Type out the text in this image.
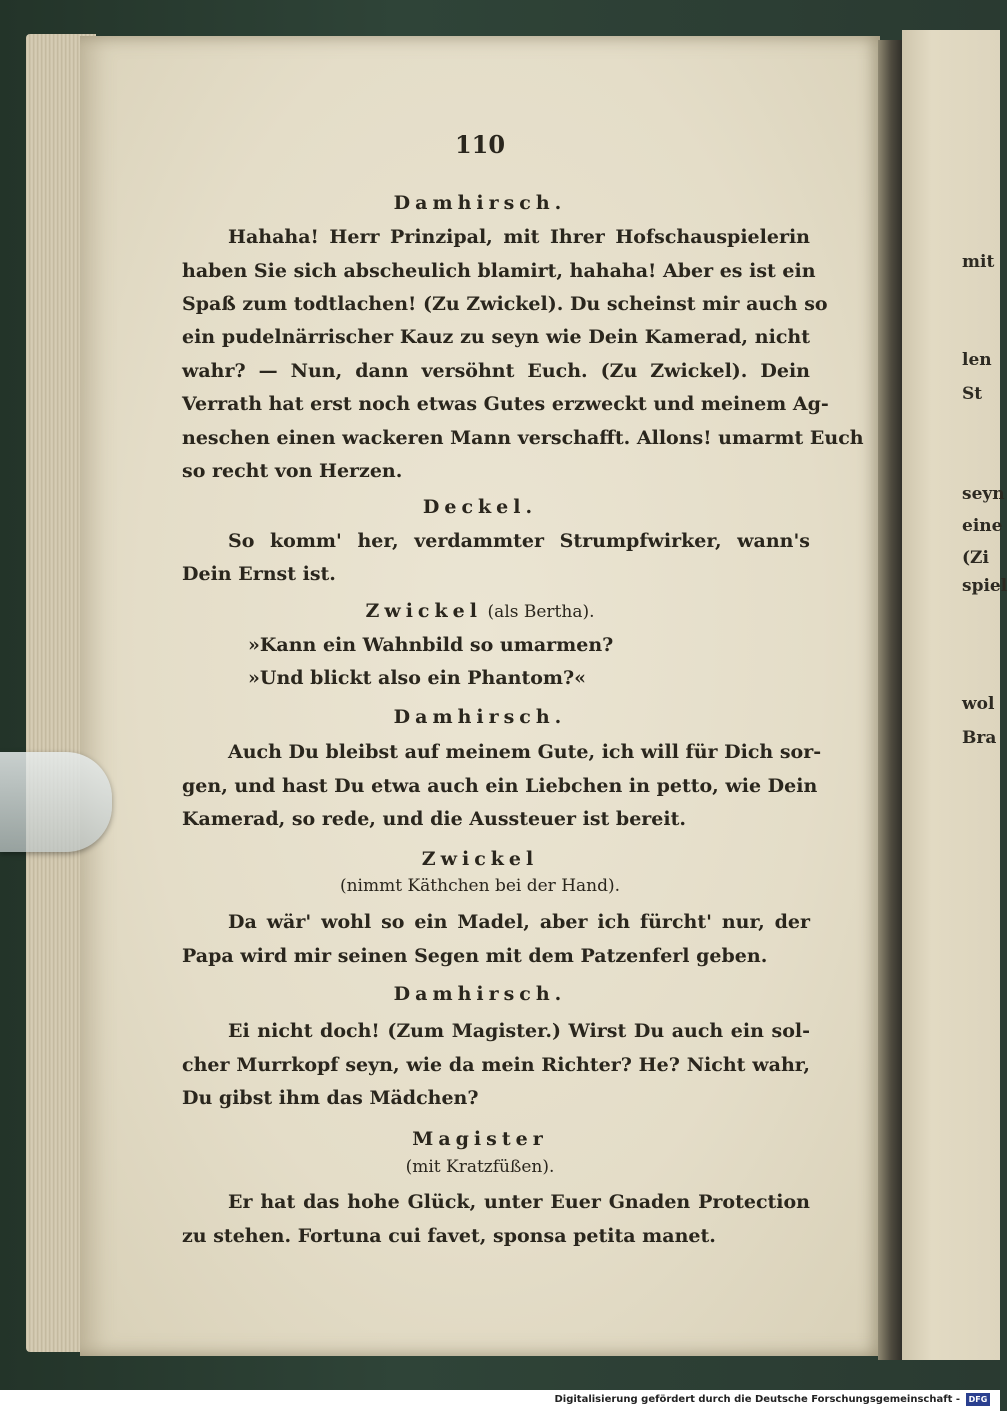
mit
len
St
seyn
eine
(Zi
spiel
wol
Bra
110
Damhirsch.
Hahaha! Herr Prinzipal, mit Ihrer Hofschauspielerin
haben Sie sich abscheulich blamirt, hahaha! Aber es ist ein
Spaß zum todtlachen! (Zu Zwickel). Du scheinst mir auch so
ein pudelnärrischer Kauz zu seyn wie Dein Kamerad, nicht
wahr? — Nun, dann versöhnt Euch. (Zu Zwickel). Dein
Verrath hat erst noch etwas Gutes erzweckt und meinem Ag-
neschen einen wackeren Mann verschafft. Allons! umarmt Euch
so recht von Herzen.
Deckel.
So komm' her, verdammter Strumpfwirker, wann's
Dein Ernst ist.
Zwickel (als Bertha).
»Kann ein Wahnbild so umarmen?
»Und blickt also ein Phantom?«
Damhirsch.
Auch Du bleibst auf meinem Gute, ich will für Dich sor-
gen, und hast Du etwa auch ein Liebchen in petto, wie Dein
Kamerad, so rede, und die Aussteuer ist bereit.
Zwickel
(nimmt Käthchen bei der Hand).
Da wär' wohl so ein Madel, aber ich fürcht' nur, der
Papa wird mir seinen Segen mit dem Patzenferl geben.
Damhirsch.
Ei nicht doch! (Zum Magister.) Wirst Du auch ein sol-
cher Murrkopf seyn, wie da mein Richter? He? Nicht wahr,
Du gibst ihm das Mädchen?
Magister
(mit Kratzfüßen).
Er hat das hohe Glück, unter Euer Gnaden Protection
zu stehen. Fortuna cui favet, sponsa petita manet.
Digitalisierung gefördert durch die Deutsche Forschungsgemeinschaft -	DFG
